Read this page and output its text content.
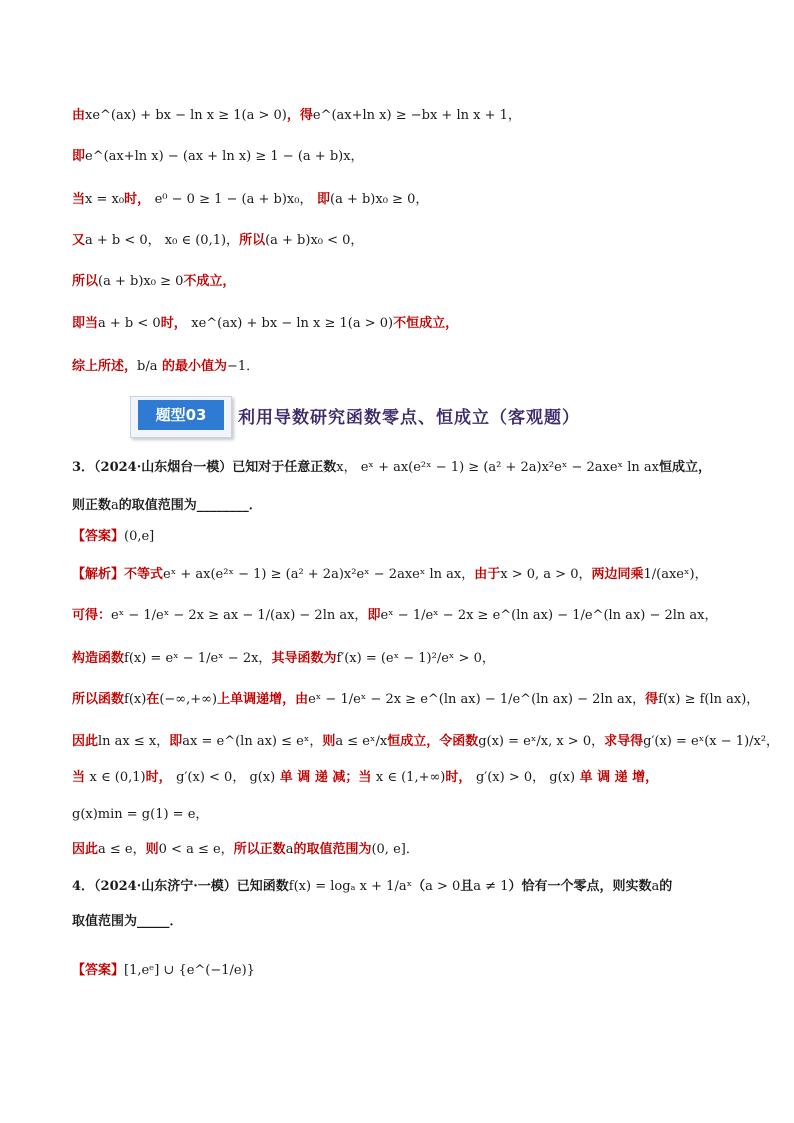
由xe^(ax) + bx − ln x ≥ 1(a > 0)，得e^(ax+ln x) ≥ −bx + ln x + 1，
即e^(ax+ln x) − (ax + ln x) ≥ 1 − (a + b)x，
当x = x₀时， e⁰ − 0 ≥ 1 − (a + b)x₀， 即(a + b)x₀ ≥ 0，
又a + b < 0， x₀ ∈ (0,1)，所以(a + b)x₀ < 0，
所以(a + b)x₀ ≥ 0不成立，
即当a + b < 0时， xe^(ax) + bx − ln x ≥ 1(a > 0)不恒成立，
综上所述，b/a 的最小值为−1．
题型03	利用导数研究函数零点、恒成立（客观题）
3．（2024·山东烟台一模）已知对于任意正数x， eˣ + ax(e²ˣ − 1) ≥ (a² + 2a)x²eˣ − 2axeˣ ln ax恒成立，
则正数a的取值范围为________．
【答案】(0,e]
【解析】不等式eˣ + ax(e²ˣ − 1) ≥ (a² + 2a)x²eˣ − 2axeˣ ln ax，由于x > 0, a > 0，两边同乘1/(axeˣ)，
可得：eˣ − 1/eˣ − 2x ≥ ax − 1/(ax) − 2ln ax，即eˣ − 1/eˣ − 2x ≥ e^(ln ax) − 1/e^(ln ax) − 2ln ax，
构造函数f(x) = eˣ − 1/eˣ − 2x，其导函数为f′(x) = (eˣ − 1)²/eˣ > 0，
所以函数f(x)在(−∞,+∞)上单调递增，由eˣ − 1/eˣ − 2x ≥ e^(ln ax) − 1/e^(ln ax) − 2ln ax，得f(x) ≥ f(ln ax)，
因此ln ax ≤ x，即ax = e^(ln ax) ≤ eˣ，则a ≤ eˣ/x恒成立，令函数g(x) = eˣ/x, x > 0，求导得g′(x) = eˣ(x − 1)/x²，
当 x ∈ (0,1)时， g′(x) < 0， g(x) 单 调 递 减；当 x ∈ (1,+∞)时， g′(x) > 0， g(x) 单 调 递 增，
g(x)min = g(1) = e，
因此a ≤ e，则0 < a ≤ e，所以正数a的取值范围为(0, e]．
4．（2024·山东济宁·一模）已知函数f(x) = logₐ x + 1/aˣ（a > 0且a ≠ 1）恰有一个零点，则实数a的
取值范围为_____．
【答案】[1,eᵉ] ∪ {e^(−1/e)}
